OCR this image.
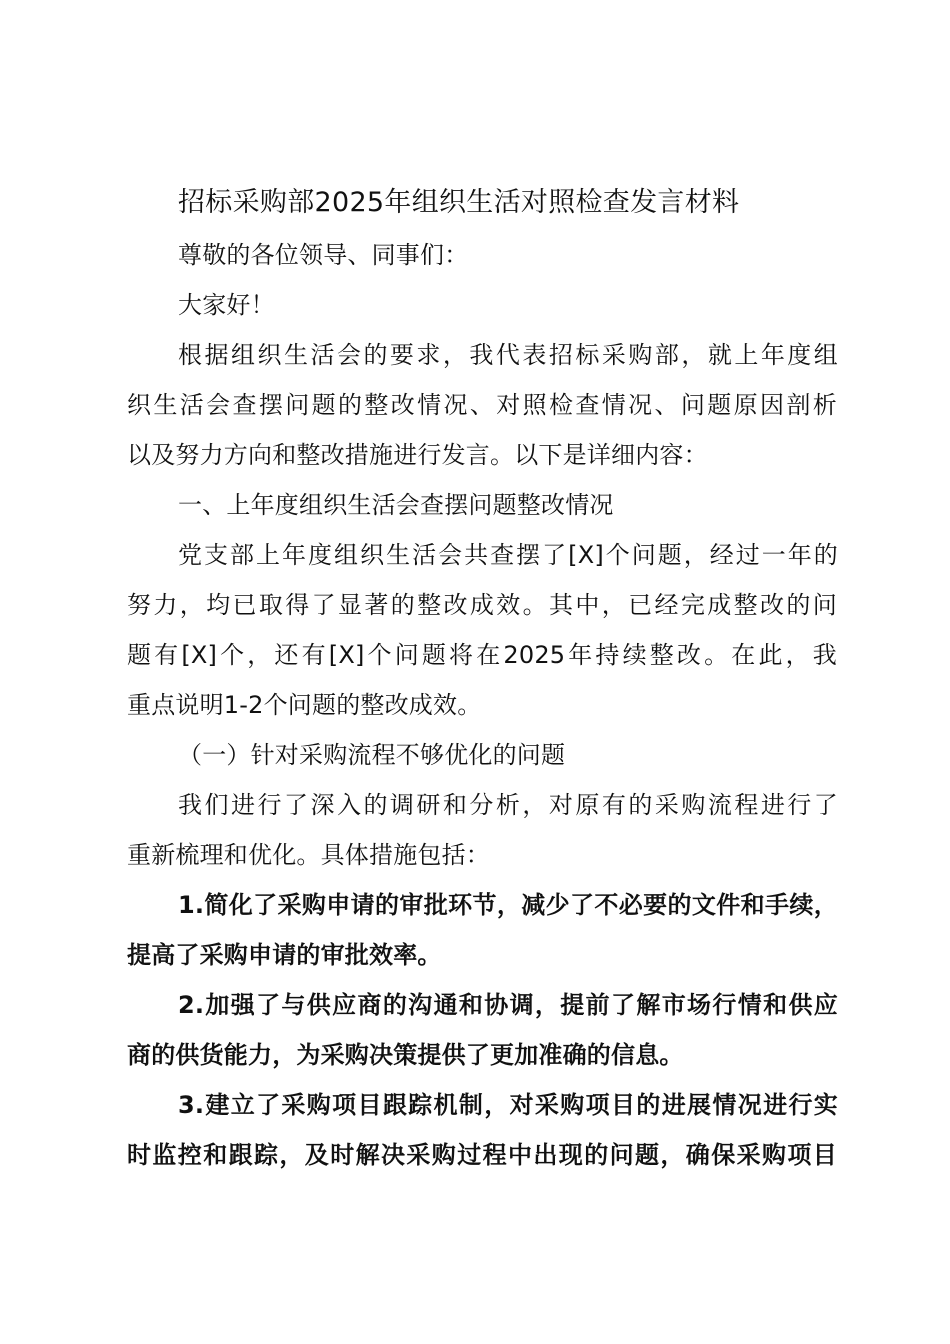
招标采购部2025年组织生活对照检查发言材料
尊敬的各位领导、同事们：
大家好！
根据组织生活会的要求，我代表招标采购部，就上年度组
织生活会查摆问题的整改情况、对照检查情况、问题原因剖析
以及努力方向和整改措施进行发言。以下是详细内容：
一、上年度组织生活会查摆问题整改情况
党支部上年度组织生活会共查摆了[X]个问题，经过一年的
努力，均已取得了显著的整改成效。其中，已经完成整改的问
题有[X]个，还有[X]个问题将在2025年持续整改。在此，我
重点说明1-2个问题的整改成效。
（一）针对采购流程不够优化的问题
我们进行了深入的调研和分析，对原有的采购流程进行了
重新梳理和优化。具体措施包括：
1.简化了采购申请的审批环节，减少了不必要的文件和手续，
提高了采购申请的审批效率。
2.加强了与供应商的沟通和协调，提前了解市场行情和供应
商的供货能力，为采购决策提供了更加准确的信息。
3.建立了采购项目跟踪机制，对采购项目的进展情况进行实
时监控和跟踪，及时解决采购过程中出现的问题，确保采购项目
